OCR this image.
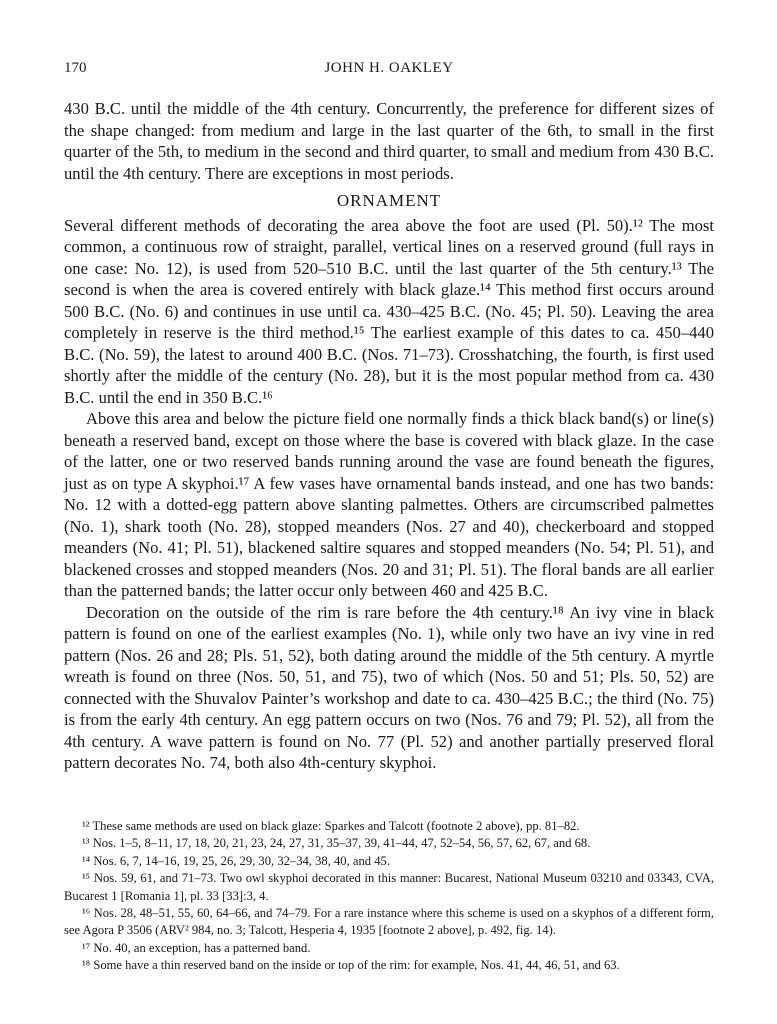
170	JOHN H. OAKLEY

430 B.C. until the middle of the 4th century. Concurrently, the preference for different sizes of the shape changed: from medium and large in the last quarter of the 6th, to small in the first quarter of the 5th, to medium in the second and third quarter, to small and medium from 430 B.C. until the 4th century. There are exceptions in most periods.

ORNAMENT

Several different methods of decorating the area above the foot are used (Pl. 50).¹² The most common, a continuous row of straight, parallel, vertical lines on a reserved ground (full rays in one case: No. 12), is used from 520–510 B.C. until the last quarter of the 5th century.¹³ The second is when the area is covered entirely with black glaze.¹⁴ This method first occurs around 500 B.C. (No. 6) and continues in use until ca. 430–425 B.C. (No. 45; Pl. 50). Leaving the area completely in reserve is the third method.¹⁵ The earliest example of this dates to ca. 450–440 B.C. (No. 59), the latest to around 400 B.C. (Nos. 71–73). Crosshatching, the fourth, is first used shortly after the middle of the century (No. 28), but it is the most popular method from ca. 430 B.C. until the end in 350 B.C.¹⁶

Above this area and below the picture field one normally finds a thick black band(s) or line(s) beneath a reserved band, except on those where the base is covered with black glaze. In the case of the latter, one or two reserved bands running around the vase are found beneath the figures, just as on type A skyphoi.¹⁷ A few vases have ornamental bands instead, and one has two bands: No. 12 with a dotted-egg pattern above slanting palmettes. Others are circumscribed palmettes (No. 1), shark tooth (No. 28), stopped meanders (Nos. 27 and 40), checkerboard and stopped meanders (No. 41; Pl. 51), blackened saltire squares and stopped meanders (No. 54; Pl. 51), and blackened crosses and stopped meanders (Nos. 20 and 31; Pl. 51). The floral bands are all earlier than the patterned bands; the latter occur only between 460 and 425 B.C.

Decoration on the outside of the rim is rare before the 4th century.¹⁸ An ivy vine in black pattern is found on one of the earliest examples (No. 1), while only two have an ivy vine in red pattern (Nos. 26 and 28; Pls. 51, 52), both dating around the middle of the 5th century. A myrtle wreath is found on three (Nos. 50, 51, and 75), two of which (Nos. 50 and 51; Pls. 50, 52) are connected with the Shuvalov Painter’s workshop and date to ca. 430–425 B.C.; the third (No. 75) is from the early 4th century. An egg pattern occurs on two (Nos. 76 and 79; Pl. 52), all from the 4th century. A wave pattern is found on No. 77 (Pl. 52) and another partially preserved floral pattern decorates No. 74, both also 4th-century skyphoi.

¹² These same methods are used on black glaze: Sparkes and Talcott (footnote 2 above), pp. 81–82.

¹³ Nos. 1–5, 8–11, 17, 18, 20, 21, 23, 24, 27, 31, 35–37, 39, 41–44, 47, 52–54, 56, 57, 62, 67, and 68.

¹⁴ Nos. 6, 7, 14–16, 19, 25, 26, 29, 30, 32–34, 38, 40, and 45.

¹⁵ Nos. 59, 61, and 71–73. Two owl skyphoi decorated in this manner: Bucarest, National Museum 03210 and 03343, CVA, Bucarest 1 [Romania 1], pl. 33 [33]:3, 4.

¹⁶ Nos. 28, 48–51, 55, 60, 64–66, and 74–79. For a rare instance where this scheme is used on a skyphos of a different form, see Agora P 3506 (ARV² 984, no. 3; Talcott, Hesperia 4, 1935 [footnote 2 above], p. 492, fig. 14).

¹⁷ No. 40, an exception, has a patterned band.

¹⁸ Some have a thin reserved band on the inside or top of the rim: for example, Nos. 41, 44, 46, 51, and 63.
